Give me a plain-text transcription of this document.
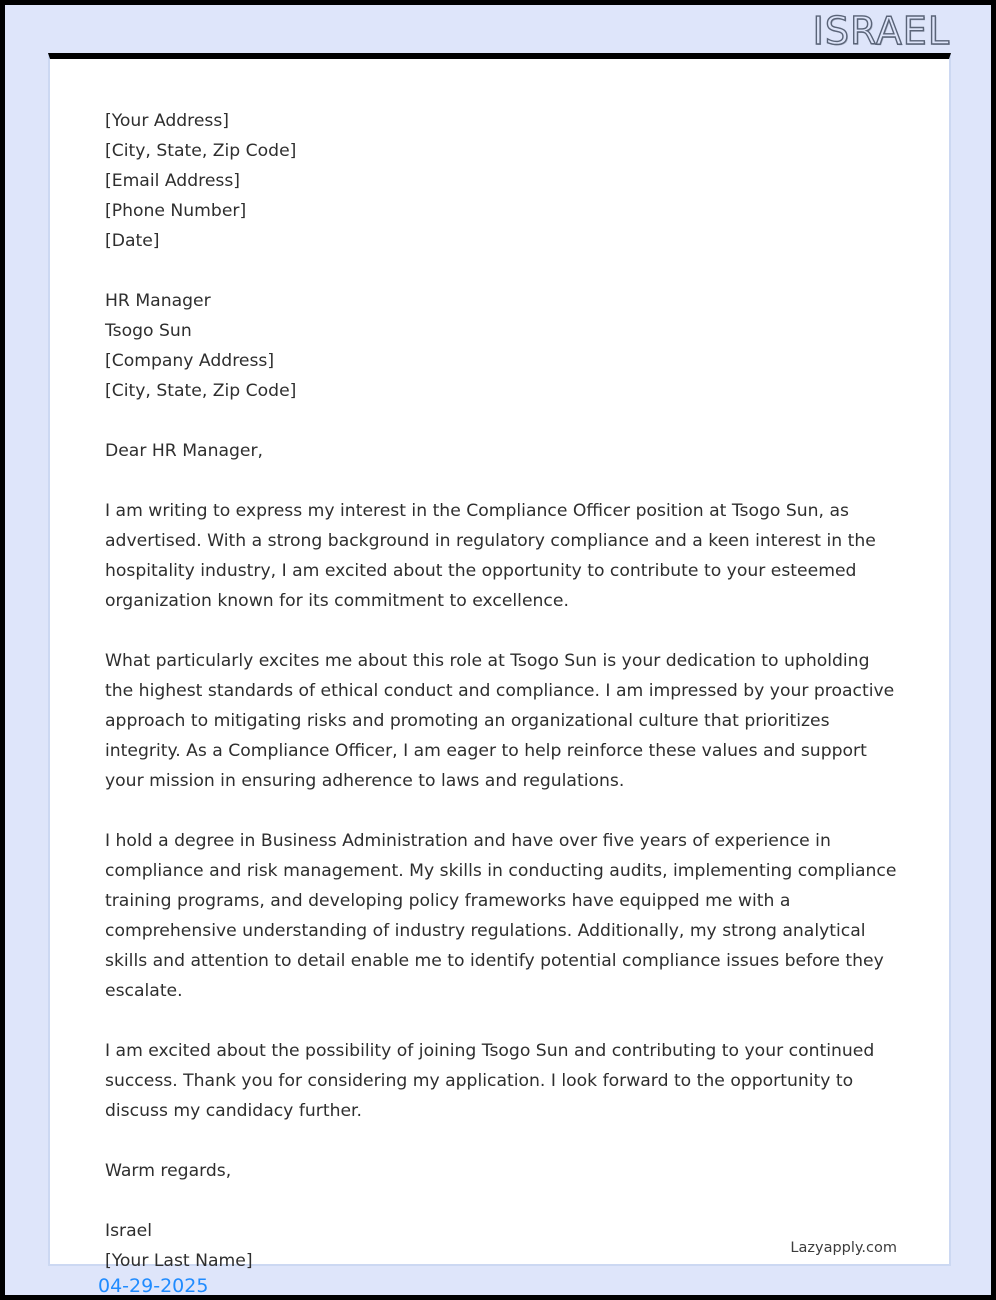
ISRAEL
[Your Address]
[City, State, Zip Code]
[Email Address]
[Phone Number]
[Date]
HR Manager
Tsogo Sun
[Company Address]
[City, State, Zip Code]

Dear HR Manager,

I am writing to express my interest in the Compliance Officer position at Tsogo Sun, as advertised. With a strong background in regulatory compliance and a keen interest in the hospitality industry, I am excited about the opportunity to contribute to your esteemed organization known for its commitment to excellence.

What particularly excites me about this role at Tsogo Sun is your dedication to upholding the highest standards of ethical conduct and compliance. I am impressed by your proactive approach to mitigating risks and promoting an organizational culture that prioritizes integrity. As a Compliance Officer, I am eager to help reinforce these values and support your mission in ensuring adherence to laws and regulations.

I hold a degree in Business Administration and have over five years of experience in compliance and risk management. My skills in conducting audits, implementing compliance training programs, and developing policy frameworks have equipped me with a comprehensive understanding of industry regulations. Additionally, my strong analytical skills and attention to detail enable me to identify potential compliance issues before they escalate.

I am excited about the possibility of joining Tsogo Sun and contributing to your continued success. Thank you for considering my application. I look forward to the opportunity to discuss my candidacy further.

Warm regards,

Israel
[Your Last Name]
Lazyapply.com
04-29-2025
